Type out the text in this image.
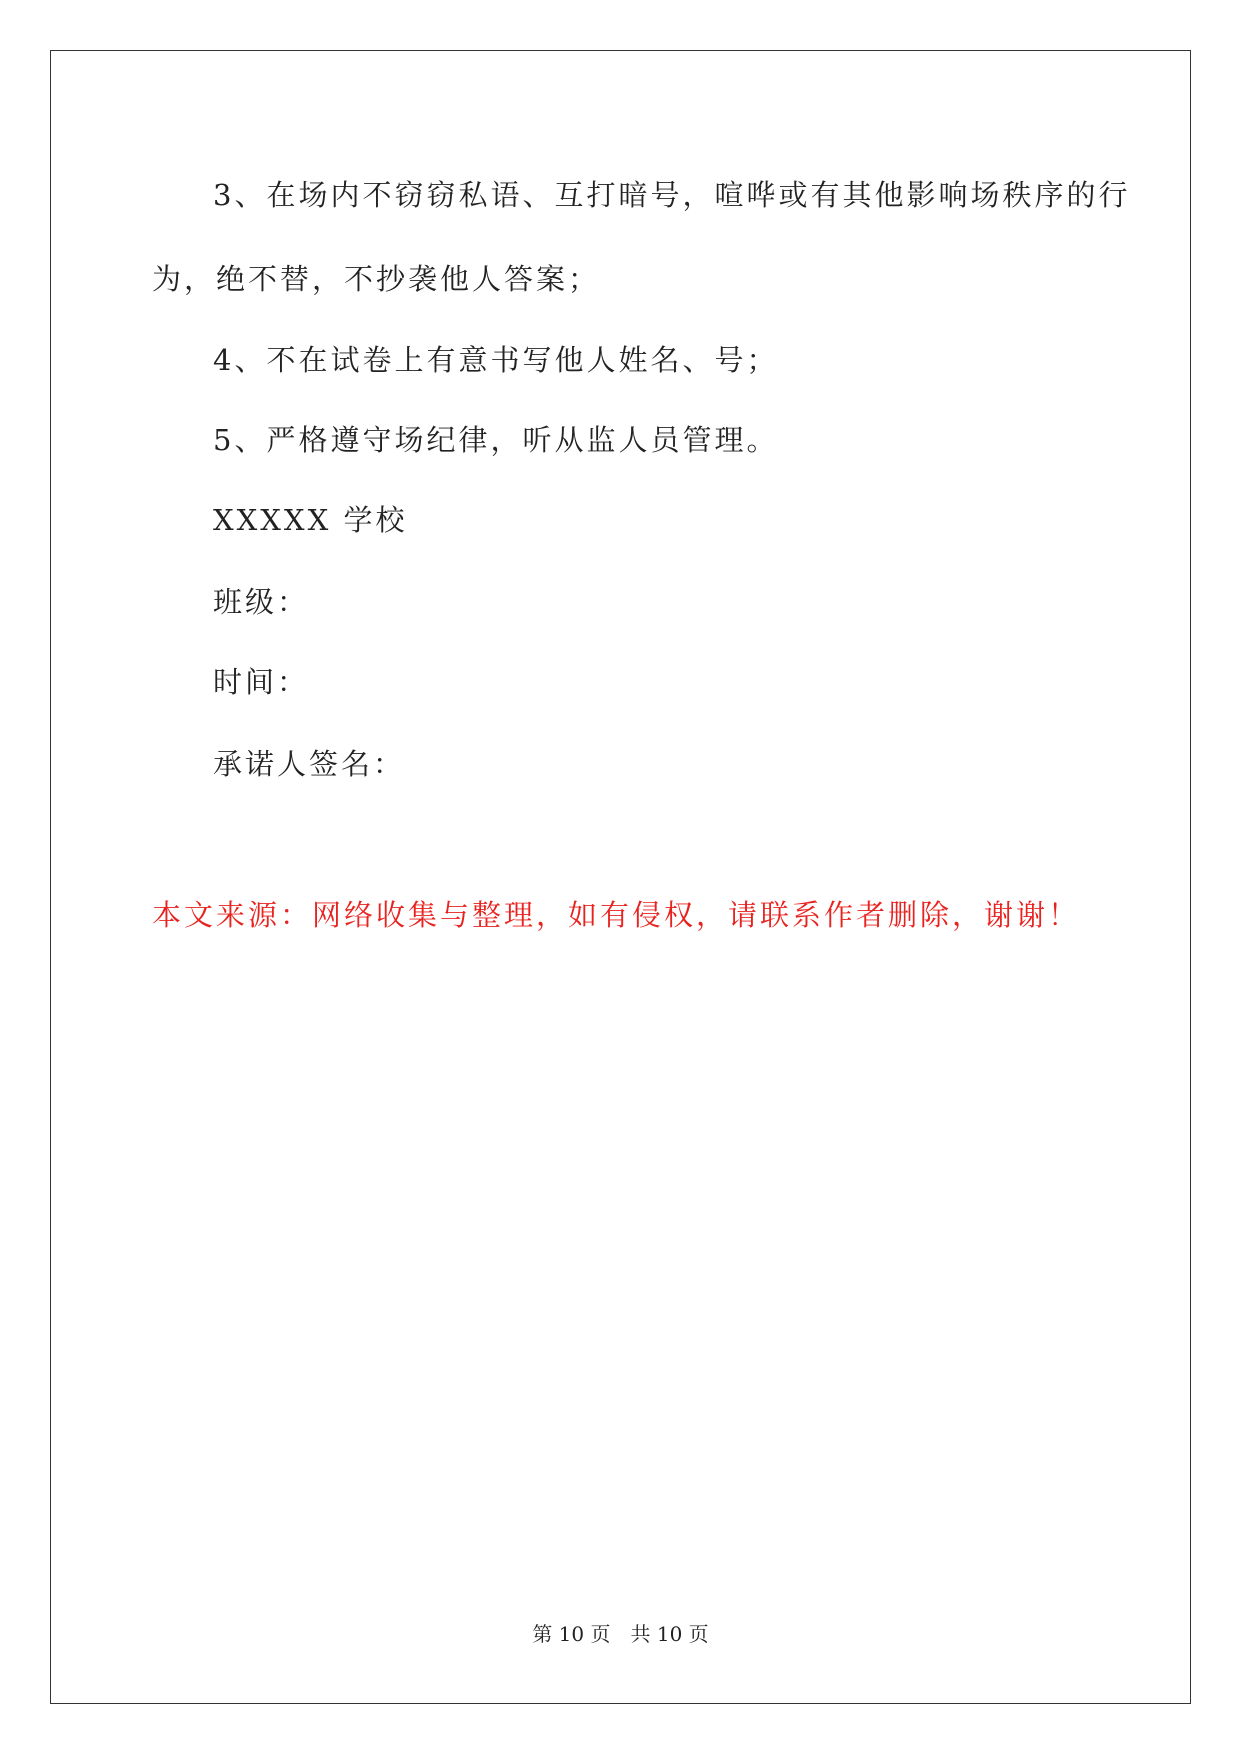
3、在场内不窃窃私语、互打暗号，喧哗或有其他影响场秩序的行
为，绝不替，不抄袭他人答案；
4、不在试卷上有意书写他人姓名、号；
5、严格遵守场纪律，听从监人员管理。
XXXXX 学校
班级：
时间：
承诺人签名：
本文来源：网络收集与整理，如有侵权，请联系作者删除，谢谢！
第 10 页　共 10 页
